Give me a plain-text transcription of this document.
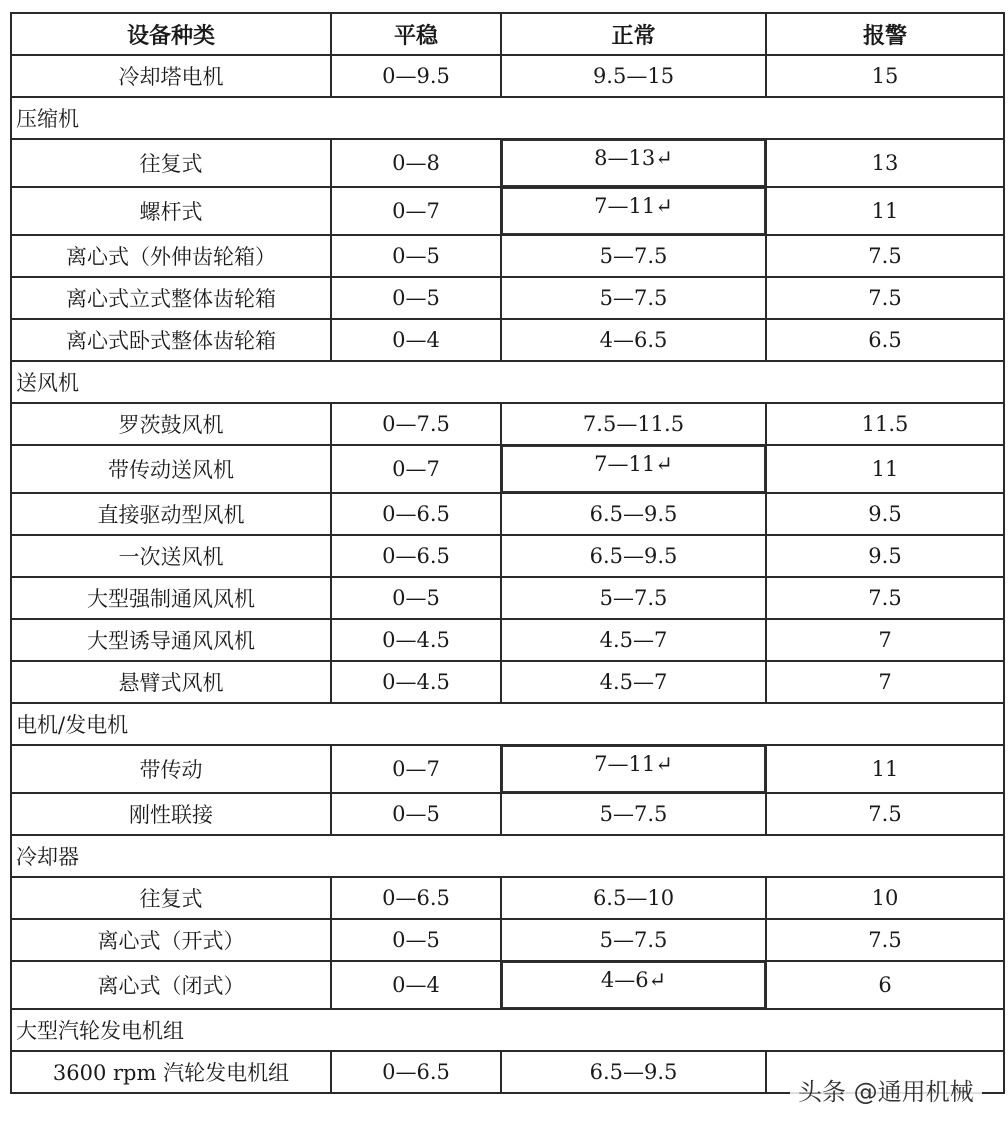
设备种类	平稳	正常	报警
冷却塔电机	0—9.5	9.5—15	15
压缩机			
往复式	0—8	8—13↵	13
螺杆式	0—7	7—11↵	11
离心式（外伸齿轮箱）	0—5	5—7.5	7.5
离心式立式整体齿轮箱	0—5	5—7.5	7.5
离心式卧式整体齿轮箱	0—4	4—6.5	6.5
送风机			
罗茨鼓风机	0—7.5	7.5—11.5	11.5
带传动送风机	0—7	7—11↵	11
直接驱动型风机	0—6.5	6.5—9.5	9.5
一次送风机	0—6.5	6.5—9.5	9.5
大型强制通风风机	0—5	5—7.5	7.5
大型诱导通风风机	0—4.5	4.5—7	7
悬臂式风机	0—4.5	4.5—7	7
电机/发电机			
带传动	0—7	7—11↵	11
刚性联接	0—5	5—7.5	7.5
冷却器			
往复式	0—6.5	6.5—10	10
离心式（开式）	0—5	5—7.5	7.5
离心式（闭式）	0—4	4—6↵	6
大型汽轮发电机组			
3600 rpm 汽轮发电机组	0—6.5	6.5—9.5	
头条 @通用机械
